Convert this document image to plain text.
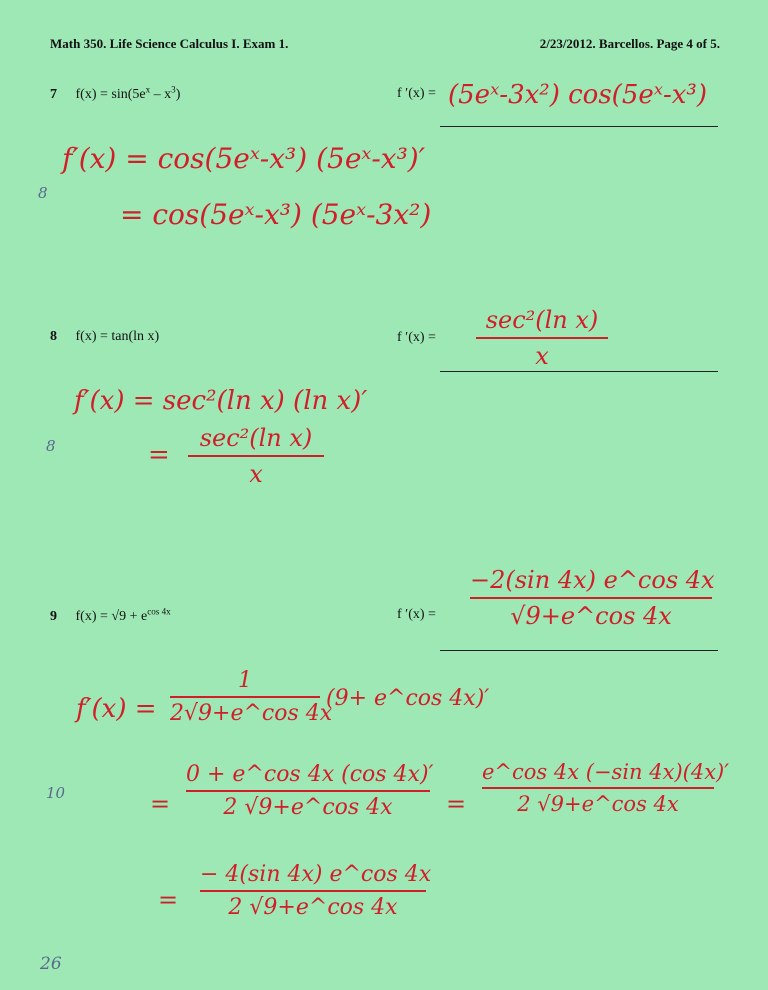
Math 350. Life Science Calculus I. Exam 1.	2/23/2012. Barcellos. Page 4 of 5.
7 $f(x) = \sin(5e^x - x^3)$	f ′(x) = (5eˣ-3x²) cos(5eˣ-x³)
f′(x) = cos(5eˣ-x³) (5eˣ-x³)′
= cos(5eˣ-x³) (5eˣ-3x²)
8
8 f(x) = tan(ln x)	f ′(x) =
sec²(ln x)
x
f′(x) = sec²(ln x) (ln x)′
=
sec²(ln x)
x
8
9 $f(x) = √9 + e^{cos 4x}$	f ′(x) =
−2(sin 4x) e^cos 4x
√9+e^cos 4x
f′(x) =
1
2√9+e^cos 4x
(9+ e^cos 4x)′
=
0 + e^cos 4x (cos 4x)′
2 √9+e^cos 4x	=
e^cos 4x (−sin 4x)(4x)′
2 √9+e^cos 4x
10
=
− 4(sin 4x) e^cos 4x
2 √9+e^cos 4x
26
